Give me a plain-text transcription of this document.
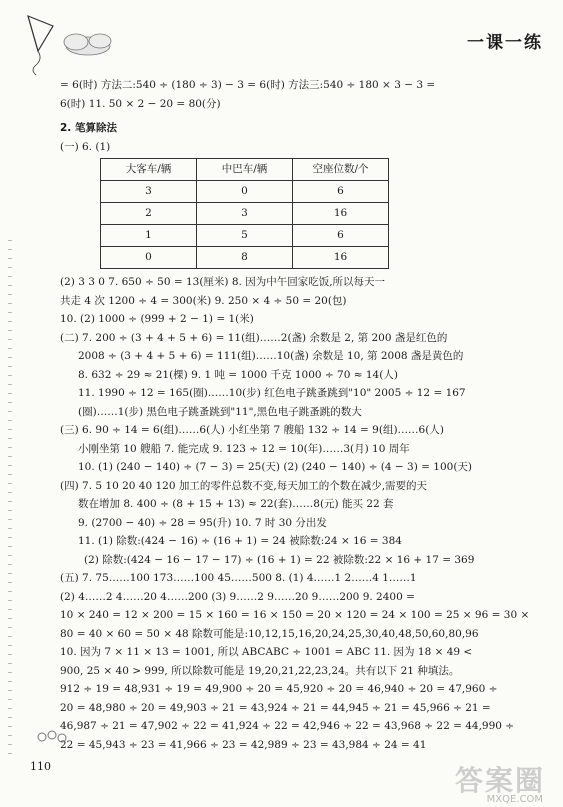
一课一练
= 6(时) 方法二:540 ÷ (180 ÷ 3) − 3 = 6(时) 方法三:540 ÷ 180 × 3 − 3 =
6(时) 11. 50 × 2 − 20 = 80(分)
2. 笔算除法
(一) 6. (1)
大客车/辆	中巴车/辆	空座位数/个
3	0	6
2	3	16
1	5	6
0	8	16
(2) 3 3 0 7. 650 ÷ 50 = 13(厘米) 8. 因为中午回家吃饭,所以每天一
共走 4 次 1200 ÷ 4 = 300(米) 9. 250 × 4 ÷ 50 = 20(包)
10. (2) 1000 ÷ (999 + 2 − 1) = 1(米)
(二) 7. 200 ÷ (3 + 4 + 5 + 6) = 11(组)……2(盏) 余数是 2, 第 200 盏是红色的
2008 ÷ (3 + 4 + 5 + 6) = 111(组)……10(盏) 余数是 10, 第 2008 盏是黄色的
8. 632 ÷ 29 ≈ 21(棵) 9. 1 吨 = 1000 千克 1000 ÷ 70 ≈ 14(人)
11. 1990 ÷ 12 = 165(圈)……10(步) 红色电子跳蚤跳到"10" 2005 ÷ 12 = 167
(圈)……1(步) 黑色电子跳蚤跳到"11",黑色电子跳蚤跳的数大
(三) 6. 90 ÷ 14 = 6(组)……6(人) 小红坐第 7 艘船 132 ÷ 14 = 9(组)……6(人)
小刚坐第 10 艘船 7. 能完成 9. 123 ÷ 12 = 10(年)……3(月) 10 周年
10. (1) (240 − 140) ÷ (7 − 3) = 25(天) (2) (240 − 140) ÷ (4 − 3) = 100(天)
(四) 7. 5 10 20 40 120 加工的零件总数不变,每天加工的个数在减少,需要的天
数在增加 8. 400 ÷ (8 + 15 + 13) ≈ 22(套)……8(元) 能买 22 套
9. (2700 − 40) ÷ 28 = 95(升) 10. 7 时 30 分出发
11. (1) 除数:(424 − 16) ÷ (16 + 1) = 24 被除数:24 × 16 = 384
(2) 除数:(424 − 16 − 17 − 17) ÷ (16 + 1) = 22 被除数:22 × 16 + 17 = 369
(五) 7. 75……100 173……100 45……500 8. (1) 4……1 2……4 1……1
(2) 4……2 4……20 4……200 (3) 9……2 9……20 9……200 9. 2400 =
10 × 240 = 12 × 200 = 15 × 160 = 16 × 150 = 20 × 120 = 24 × 100 = 25 × 96 = 30 ×
80 = 40 × 60 = 50 × 48 除数可能是:10,12,15,16,20,24,25,30,40,48,50,60,80,96
10. 因为 7 × 11 × 13 = 1001, 所以 ABCABC ÷ 1001 = ABC 11. 因为 18 × 49 <
900, 25 × 40 > 999, 所以除数可能是 19,20,21,22,23,24。共有以下 21 种填法。
912 ÷ 19 = 48,931 ÷ 19 = 49,900 ÷ 20 = 45,920 ÷ 20 = 46,940 ÷ 20 = 47,960 ÷
20 = 48,980 ÷ 20 = 49,903 ÷ 21 = 43,924 ÷ 21 = 44,945 ÷ 21 = 45,966 ÷ 21 =
46,987 ÷ 21 = 47,902 ÷ 22 = 41,924 ÷ 22 = 42,946 ÷ 22 = 43,968 ÷ 22 = 44,990 ÷
22 = 45,943 ÷ 23 = 41,966 ÷ 23 = 42,989 ÷ 23 = 43,984 ÷ 24 = 41
110	答案圈
MXQE.COM
